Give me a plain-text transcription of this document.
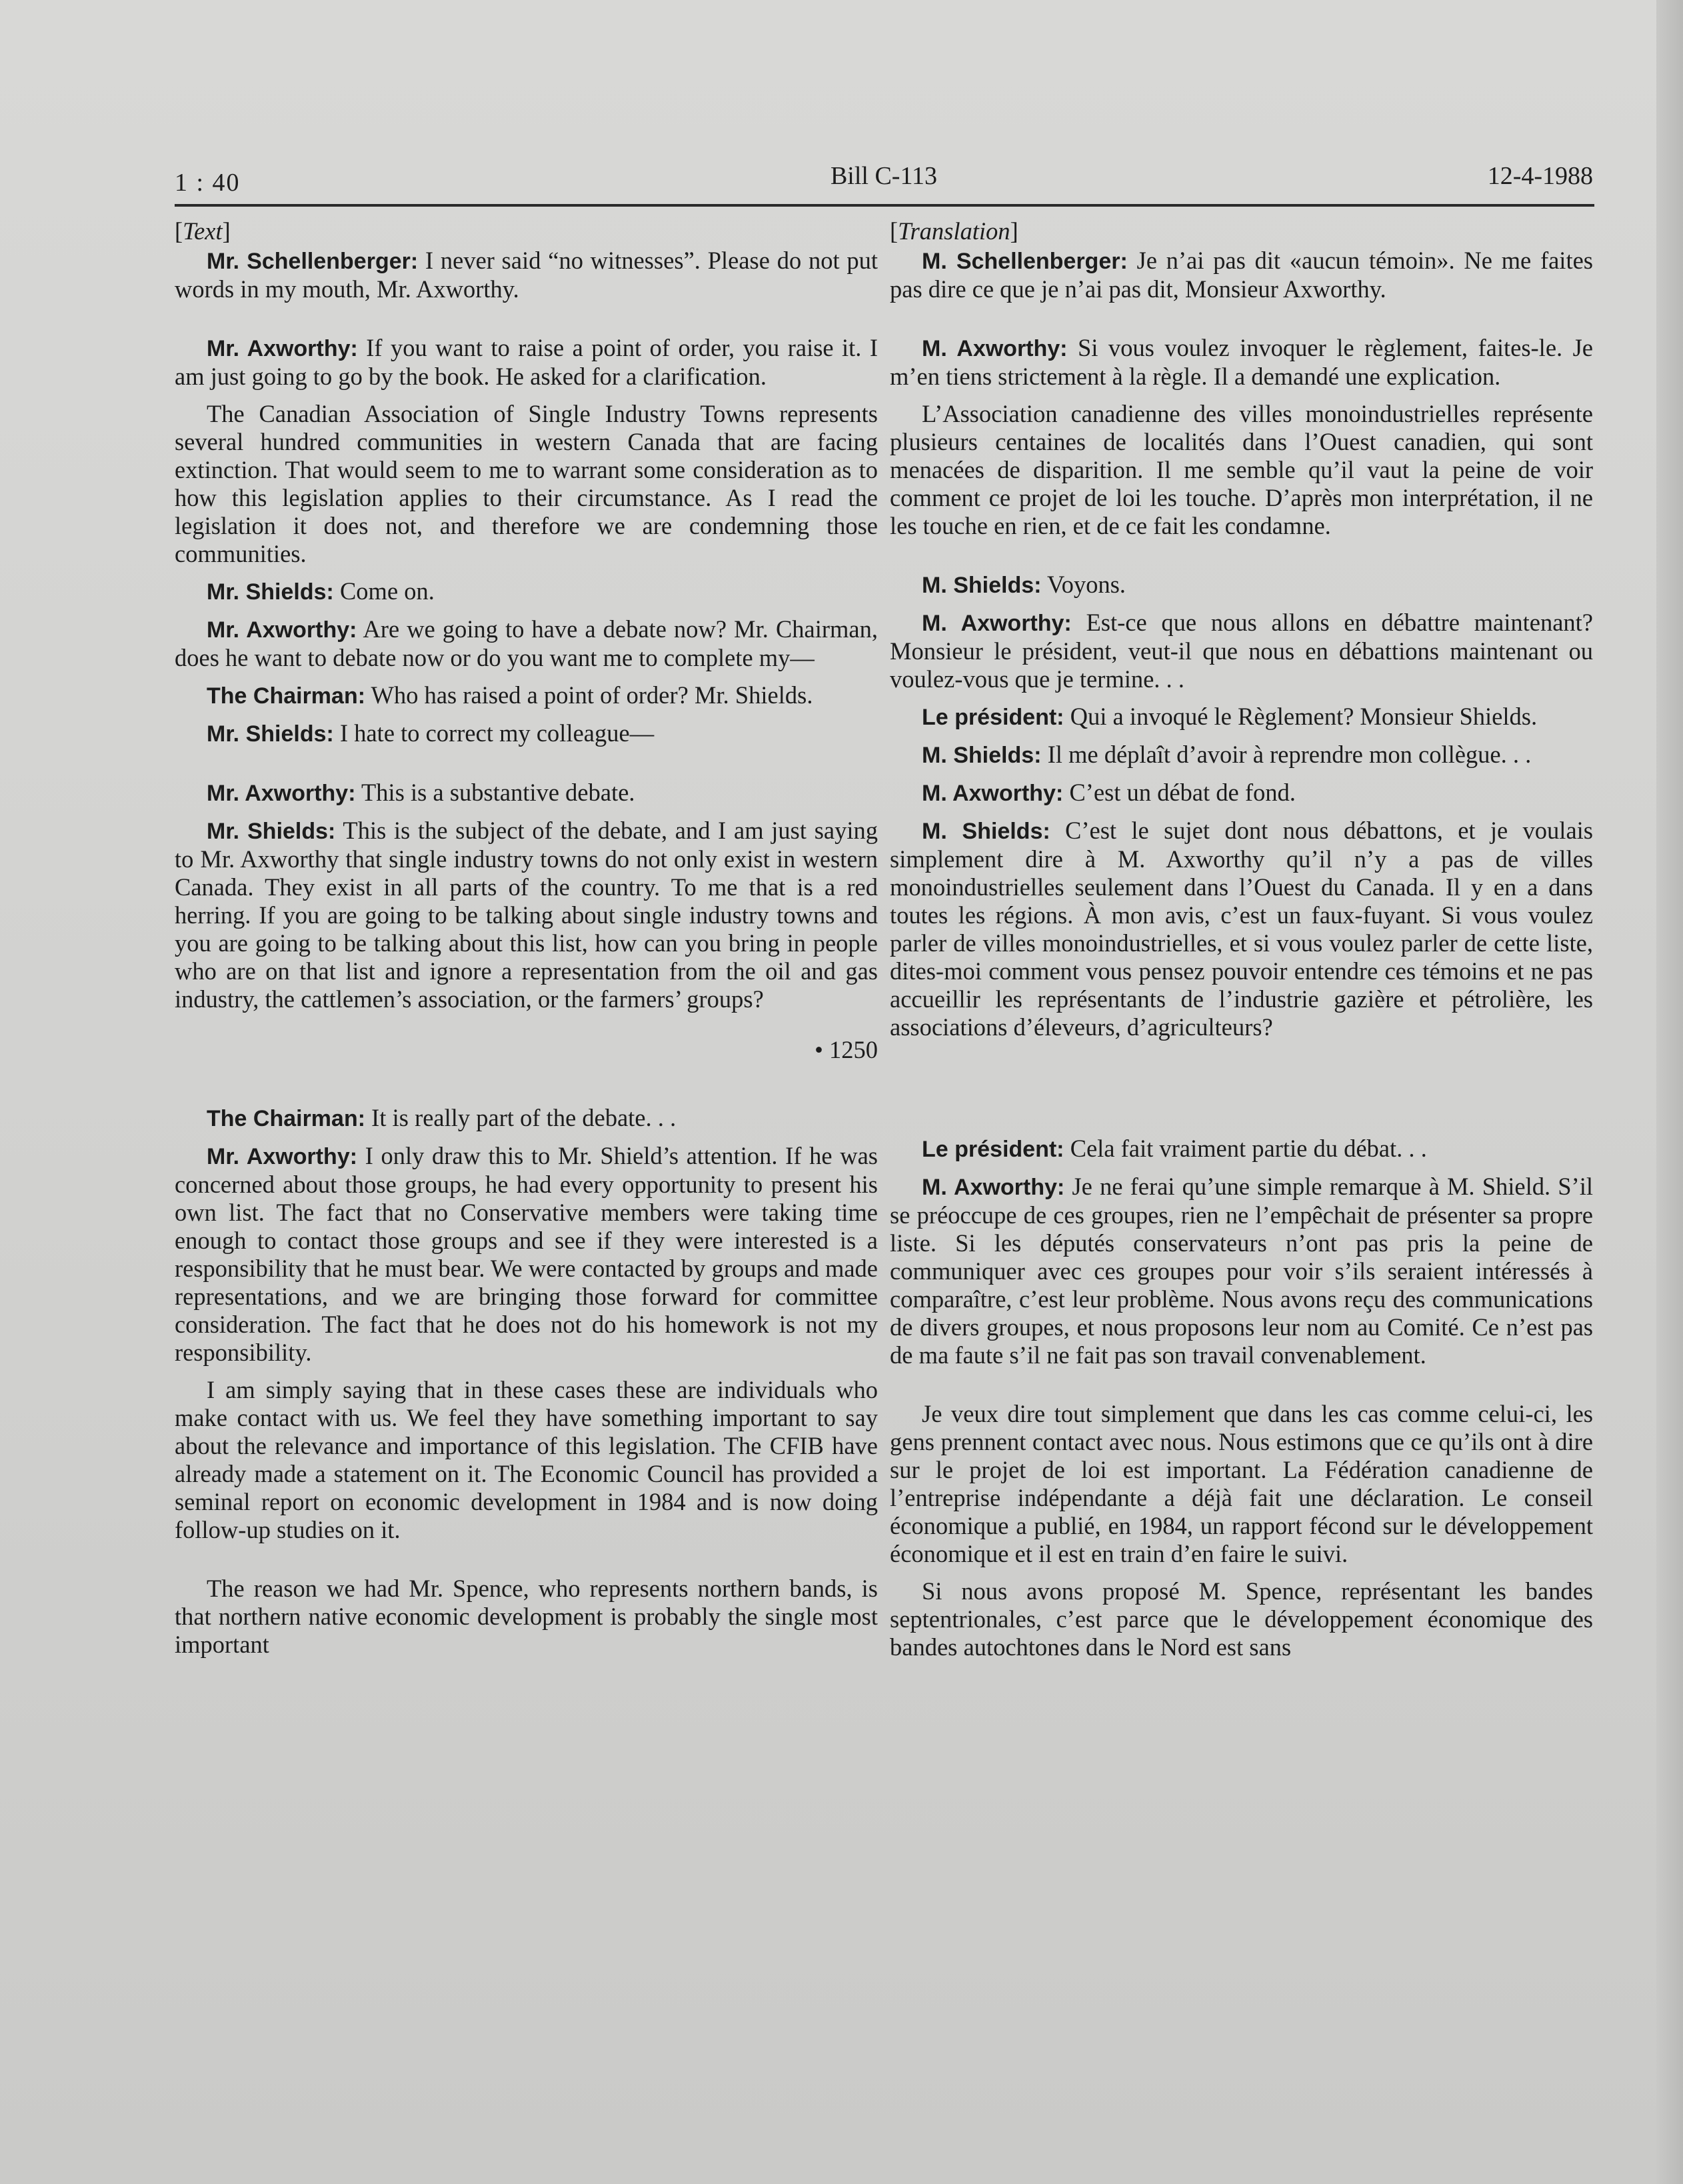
1 : 40	Bill C-113	12-4-1988

[Text]

Mr. Schellenberger: I never said “no witnesses”. Please do not put words in my mouth, Mr. Axworthy.

Mr. Axworthy: If you want to raise a point of order, you raise it. I am just going to go by the book. He asked for a clarification.

The Canadian Association of Single Industry Towns represents several hundred communities in western Canada that are facing extinction. That would seem to me to warrant some consideration as to how this legislation applies to their circumstance. As I read the legislation it does not, and therefore we are condemning those communities.

Mr. Shields: Come on.

Mr. Axworthy: Are we going to have a debate now? Mr. Chairman, does he want to debate now or do you want me to complete my—

The Chairman: Who has raised a point of order? Mr. Shields.

Mr. Shields: I hate to correct my colleague—

Mr. Axworthy: This is a substantive debate.

Mr. Shields: This is the subject of the debate, and I am just saying to Mr. Axworthy that single industry towns do not only exist in western Canada. They exist in all parts of the country. To me that is a red herring. If you are going to be talking about single industry towns and you are going to be talking about this list, how can you bring in people who are on that list and ignore a representation from the oil and gas industry, the cattlemen’s association, or the farmers’ groups?

• 1250

The Chairman: It is really part of the debate. . .

Mr. Axworthy: I only draw this to Mr. Shield’s attention. If he was concerned about those groups, he had every opportunity to present his own list. The fact that no Conservative members were taking time enough to contact those groups and see if they were interested is a responsibility that he must bear. We were contacted by groups and made representations, and we are bringing those forward for committee consideration. The fact that he does not do his homework is not my responsibility.

I am simply saying that in these cases these are individuals who make contact with us. We feel they have something important to say about the relevance and importance of this legislation. The CFIB have already made a statement on it. The Economic Council has provided a seminal report on economic development in 1984 and is now doing follow-up studies on it.

The reason we had Mr. Spence, who represents northern bands, is that northern native economic development is probably the single most important

[Translation]

M. Schellenberger: Je n’ai pas dit «aucun témoin». Ne me faites pas dire ce que je n’ai pas dit, Monsieur Axworthy.

M. Axworthy: Si vous voulez invoquer le règlement, faites-le. Je m’en tiens strictement à la règle. Il a demandé une explication.

L’Association canadienne des villes monoindustrielles représente plusieurs centaines de localités dans l’Ouest canadien, qui sont menacées de disparition. Il me semble qu’il vaut la peine de voir comment ce projet de loi les touche. D’après mon interprétation, il ne les touche en rien, et de ce fait les condamne.

M. Shields: Voyons.

M. Axworthy: Est-ce que nous allons en débattre maintenant? Monsieur le président, veut-il que nous en débattions maintenant ou voulez-vous que je termine. . .

Le président: Qui a invoqué le Règlement? Monsieur Shields.

M. Shields: Il me déplaît d’avoir à reprendre mon collègue. . .

M. Axworthy: C’est un débat de fond.

M. Shields: C’est le sujet dont nous débattons, et je voulais simplement dire à M. Axworthy qu’il n’y a pas de villes monoindustrielles seulement dans l’Ouest du Canada. Il y en a dans toutes les régions. À mon avis, c’est un faux-fuyant. Si vous voulez parler de villes monoindustrielles, et si vous voulez parler de cette liste, dites-moi comment vous pensez pouvoir entendre ces témoins et ne pas accueillir les représentants de l’industrie gazière et pétrolière, les associations d’éleveurs, d’agriculteurs?

Le président: Cela fait vraiment partie du débat. . .

M. Axworthy: Je ne ferai qu’une simple remarque à M. Shield. S’il se préoccupe de ces groupes, rien ne l’empêchait de présenter sa propre liste. Si les députés conservateurs n’ont pas pris la peine de communiquer avec ces groupes pour voir s’ils seraient intéressés à comparaître, c’est leur problème. Nous avons reçu des communications de divers groupes, et nous proposons leur nom au Comité. Ce n’est pas de ma faute s’il ne fait pas son travail convenablement.

Je veux dire tout simplement que dans les cas comme celui-ci, les gens prennent contact avec nous. Nous estimons que ce qu’ils ont à dire sur le projet de loi est important. La Fédération canadienne de l’entreprise indépendante a déjà fait une déclaration. Le conseil économique a publié, en 1984, un rapport fécond sur le développement économique et il est en train d’en faire le suivi.

Si nous avons proposé M. Spence, représentant les bandes septentrionales, c’est parce que le développement économique des bandes autochtones dans le Nord est sans
